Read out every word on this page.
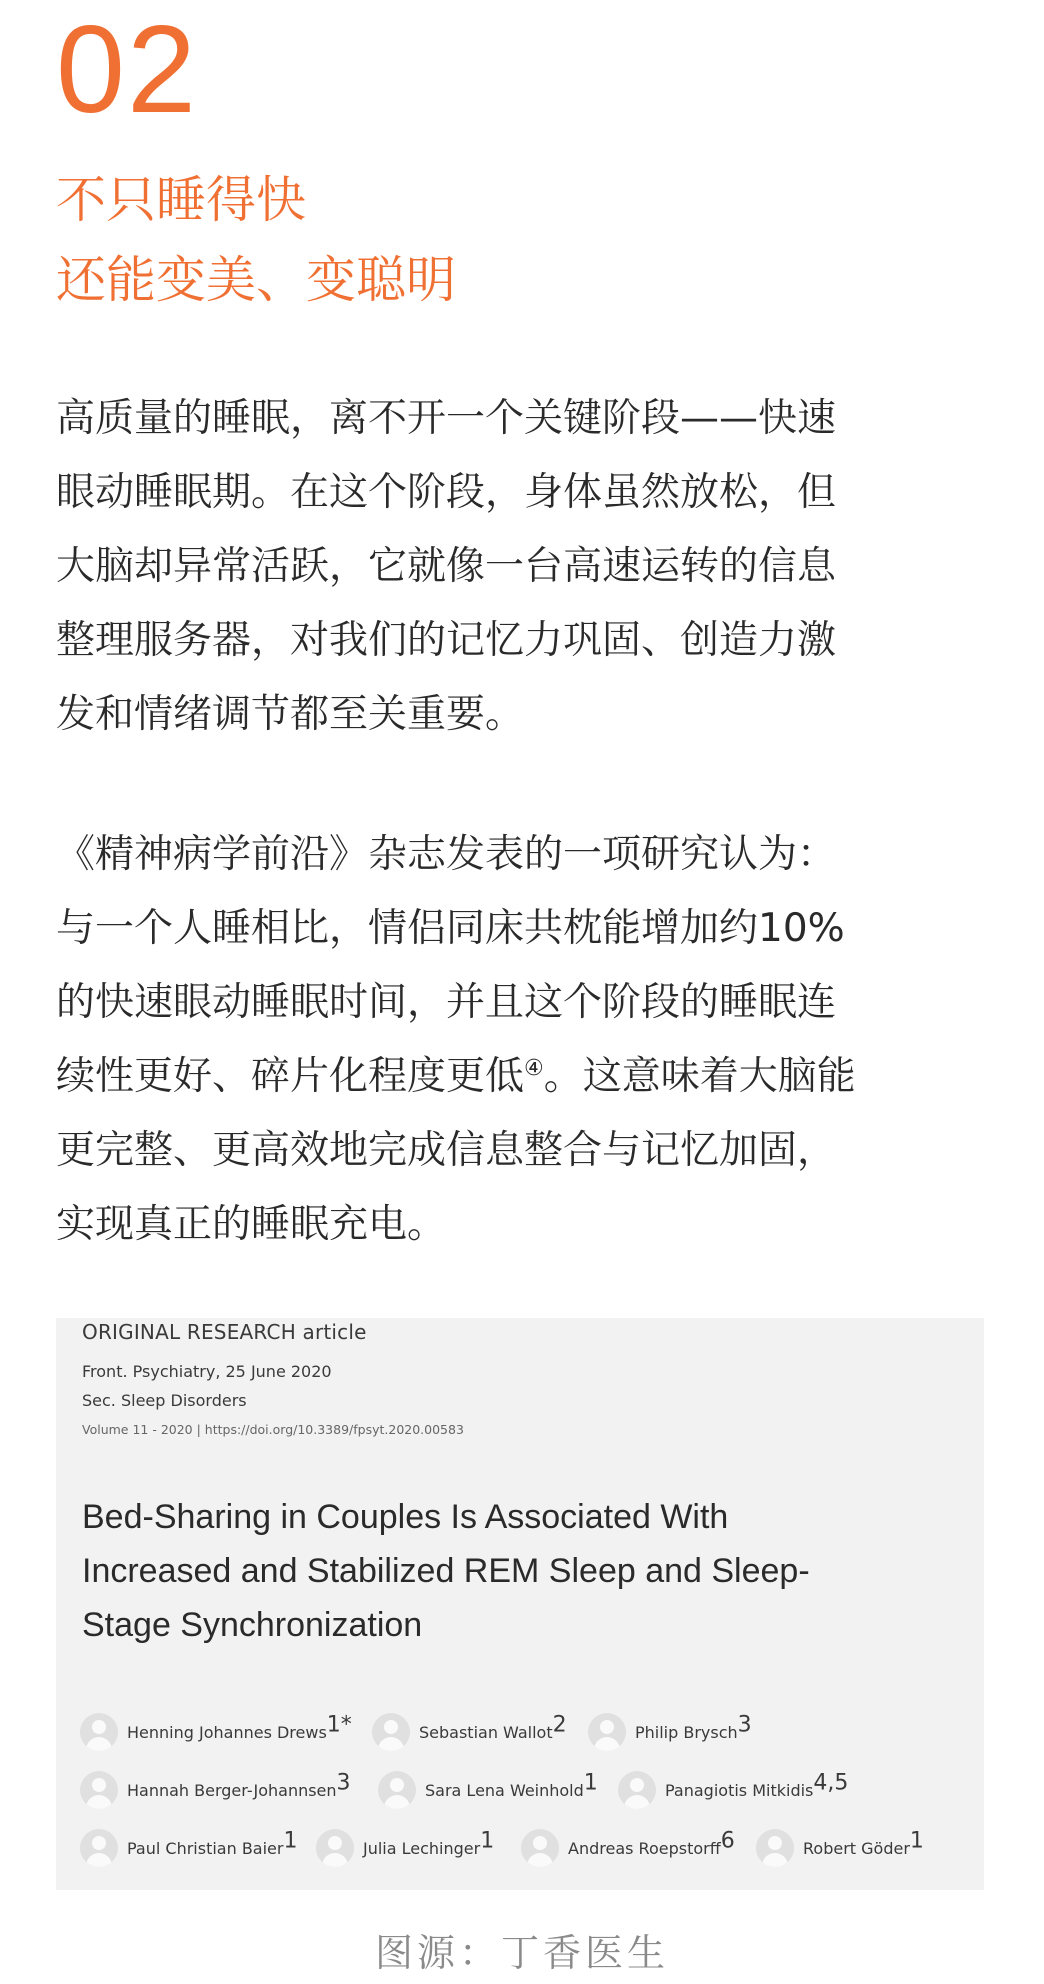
02
不只睡得快
还能变美、变聪明
高质量的睡眠，离不开一个关键阶段——快速
眼动睡眠期。在这个阶段，身体虽然放松，但
大脑却异常活跃，它就像一台高速运转的信息
整理服务器，对我们的记忆力巩固、创造力激
发和情绪调节都至关重要。
《精神病学前沿》杂志发表的一项研究认为：
与一个人睡相比，情侣同床共枕能增加约10%
的快速眼动睡眠时间，并且这个阶段的睡眠连
续性更好、碎片化程度更低④。这意味着大脑能
更完整、更高效地完成信息整合与记忆加固，
实现真正的睡眠充电。
ORIGINAL RESEARCH article
Front. Psychiatry, 25 June 2020
Sec. Sleep Disorders
Volume 11 - 2020 | https://doi.org/10.3389/fpsyt.2020.00583
Bed-Sharing in Couples Is Associated With
Increased and Stabilized REM Sleep and Sleep-
Stage Synchronization
Henning Johannes Drews$^{1*}$	Sebastian Wallot$^2$	Philip Brysch$^3$
Hannah Berger-Johannsen$^3$	Sara Lena Weinhold$^1$	Panagiotis Mitkidis$^{4,5}$
Paul Christian Baier$^1$	Julia Lechinger$^1$	Andreas Roepstorff$^6$	Robert Göder$^1$
图源：丁香医生
